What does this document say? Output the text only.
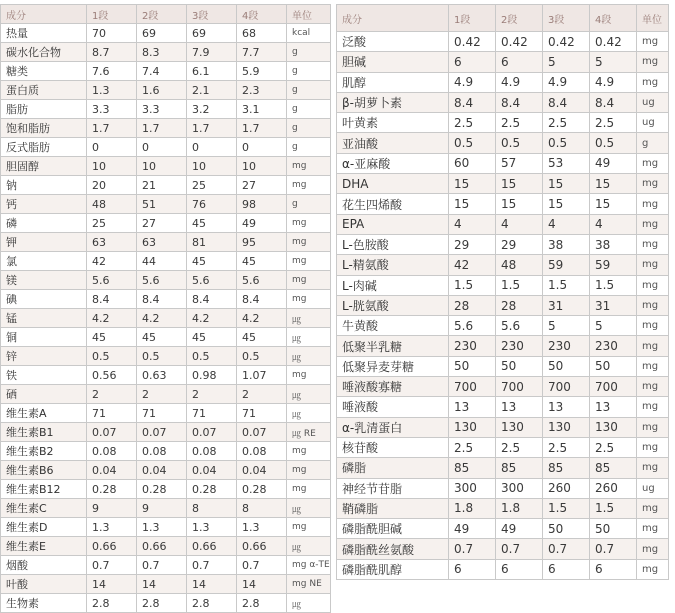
成分	1段	2段	3段	4段	单位
热量	70	69	69	68	kcal
碳水化合物	8.7	8.3	7.9	7.7	g
糖类	7.6	7.4	6.1	5.9	g
蛋白质	1.3	1.6	2.1	2.3	g
脂肪	3.3	3.3	3.2	3.1	g
饱和脂肪	1.7	1.7	1.7	1.7	g
反式脂肪	0	0	0	0	g
胆固醇	10	10	10	10	mg
钠	20	21	25	27	mg
钙	48	51	76	98	g
磷	25	27	45	49	mg
钾	63	63	81	95	mg
氯	42	44	45	45	mg
镁	5.6	5.6	5.6	5.6	mg
碘	8.4	8.4	8.4	8.4	mg
锰	4.2	4.2	4.2	4.2	㎍
铜	45	45	45	45	㎍
锌	0.5	0.5	0.5	0.5	㎍
铁	0.56	0.63	0.98	1.07	mg
硒	2	2	2	2	㎍
维生素A	71	71	71	71	㎍
维生素B1	0.07	0.07	0.07	0.07	㎍ RE
维生素B2	0.08	0.08	0.08	0.08	mg
维生素B6	0.04	0.04	0.04	0.04	mg
维生素B12	0.28	0.28	0.28	0.28	mg
维生素C	9	9	8	8	㎍
维生素D	1.3	1.3	1.3	1.3	mg
维生素E	0.66	0.66	0.66	0.66	㎍
烟酸	0.7	0.7	0.7	0.7	mg α-TE
叶酸	14	14	14	14	mg NE
生物素	2.8	2.8	2.8	2.8	㎍
成分	1段	2段	3段	4段	单位
泛酸	0.42	0.42	0.42	0.42	mg
胆碱	6	6	5	5	mg
肌醇	4.9	4.9	4.9	4.9	mg
β-胡萝卜素	8.4	8.4	8.4	8.4	ug
叶黄素	2.5	2.5	2.5	2.5	ug
亚油酸	0.5	0.5	0.5	0.5	g
α-亚麻酸	60	57	53	49	mg
DHA	15	15	15	15	mg
花生四烯酸	15	15	15	15	mg
EPA	4	4	4	4	mg
L-色胺酸	29	29	38	38	mg
L-精氨酸	42	48	59	59	mg
L-肉碱	1.5	1.5	1.5	1.5	mg
L-胱氨酸	28	28	31	31	mg
牛黄酸	5.6	5.6	5	5	mg
低聚半乳糖	230	230	230	230	mg
低聚异麦芽糖	50	50	50	50	mg
唾液酸寡糖	700	700	700	700	mg
唾液酸	13	13	13	13	mg
α-乳清蛋白	130	130	130	130	mg
核苷酸	2.5	2.5	2.5	2.5	mg
磷脂	85	85	85	85	mg
神经节苷脂	300	300	260	260	ug
鞘磷脂	1.8	1.8	1.5	1.5	mg
磷脂酰胆碱	49	49	50	50	mg
磷脂酰丝氨酸	0.7	0.7	0.7	0.7	mg
磷脂酰肌醇	6	6	6	6	mg
